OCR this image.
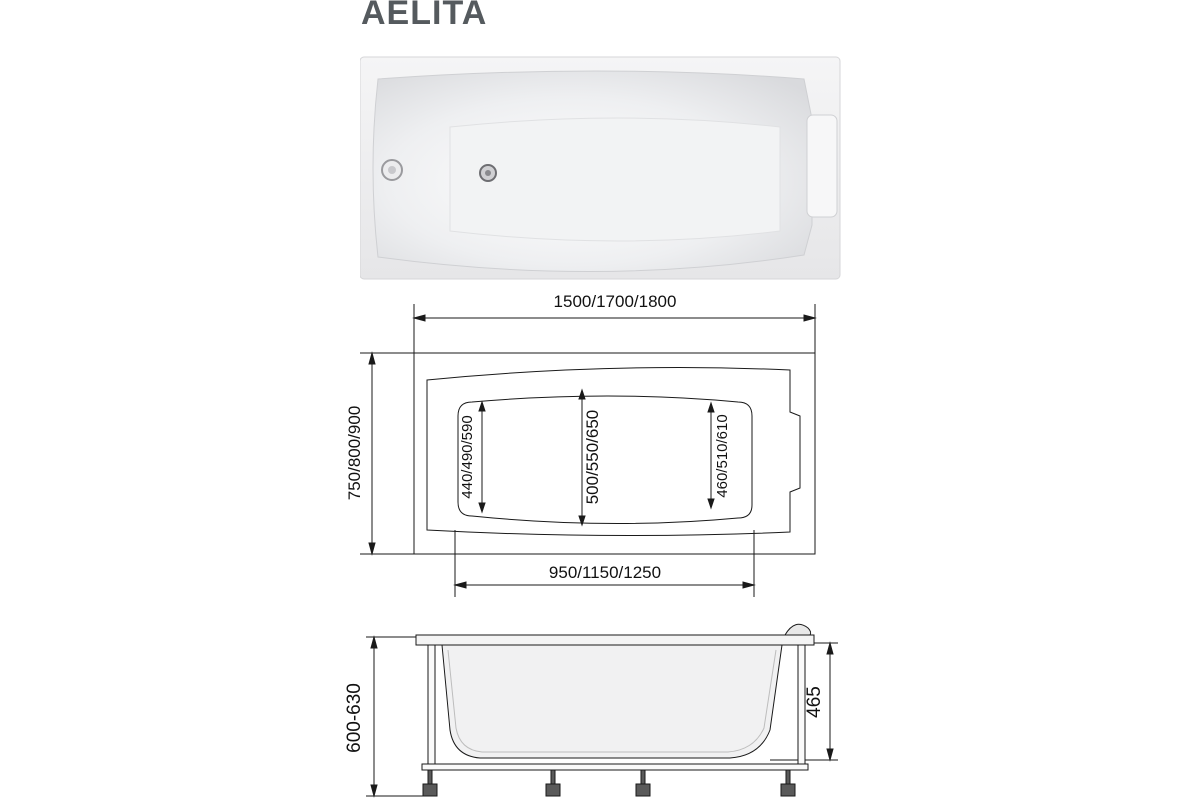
AELITA
1500/1700/1800
750/800/900
950/1150/1250
440/490/590	500/550/650	460/510/610
600-630	465
